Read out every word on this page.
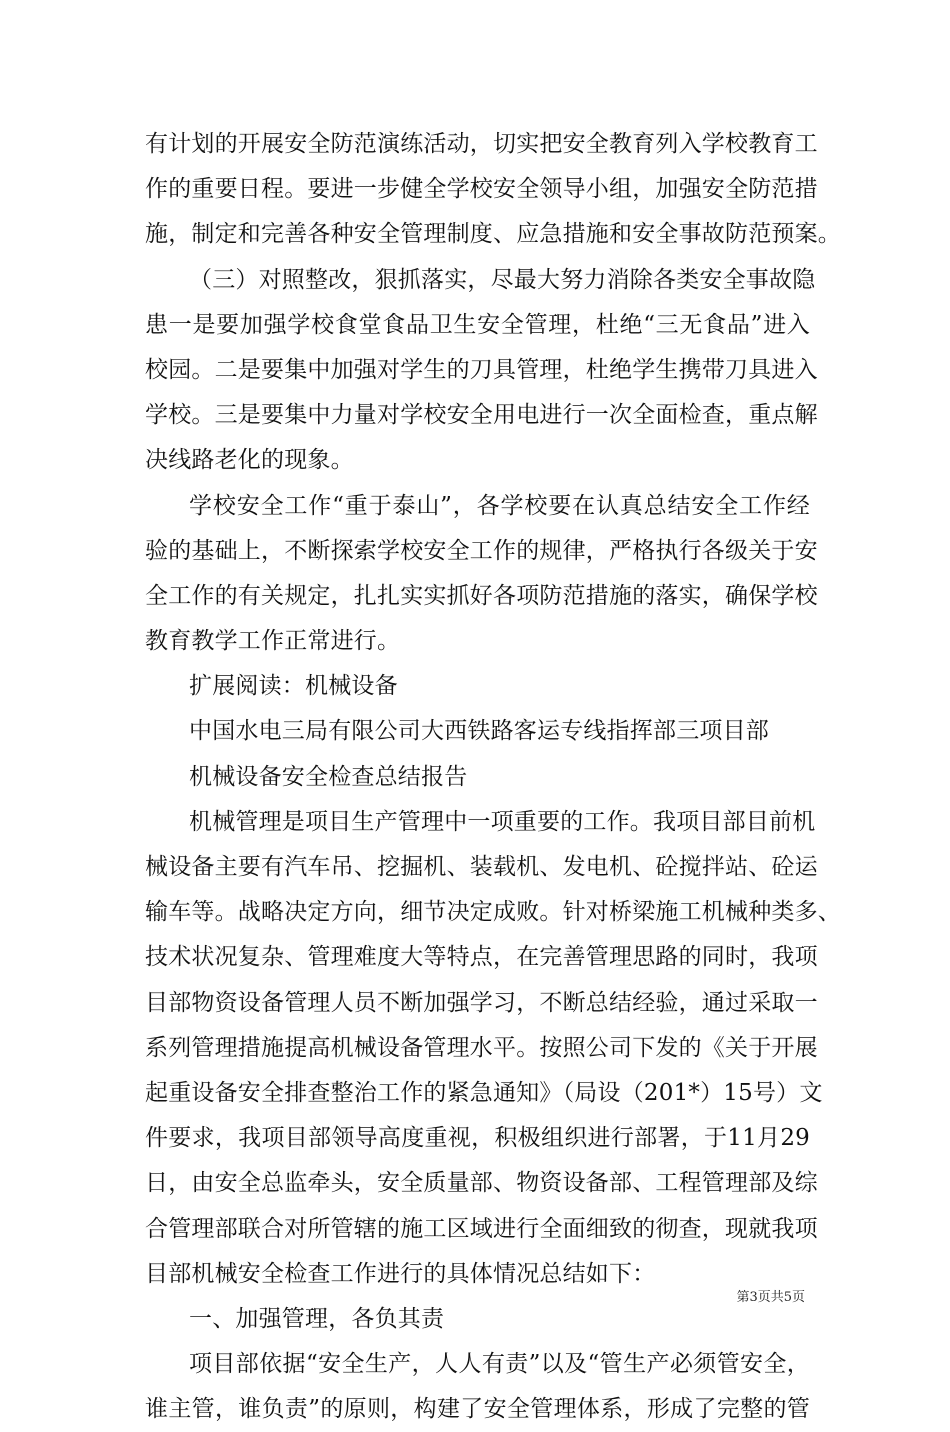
有计划的开展安全防范演练活动，切实把安全教育列入学校教育工
作的重要日程。要进一步健全学校安全领导小组，加强安全防范措
施，制定和完善各种安全管理制度、应急措施和安全事故防范预案。
（三）对照整改，狠抓落实，尽最大努力消除各类安全事故隐
患一是要加强学校食堂食品卫生安全管理，杜绝“三无食品”进入
校园。二是要集中加强对学生的刀具管理，杜绝学生携带刀具进入
学校。三是要集中力量对学校安全用电进行一次全面检查，重点解
决线路老化的现象。
学校安全工作“重于泰山”，各学校要在认真总结安全工作经
验的基础上，不断探索学校安全工作的规律，严格执行各级关于安
全工作的有关规定，扎扎实实抓好各项防范措施的落实，确保学校
教育教学工作正常进行。
扩展阅读：机械设备
中国水电三局有限公司大西铁路客运专线指挥部三项目部
机械设备安全检查总结报告
机械管理是项目生产管理中一项重要的工作。我项目部目前机
械设备主要有汽车吊、挖掘机、装载机、发电机、砼搅拌站、砼运
输车等。战略决定方向，细节决定成败。针对桥梁施工机械种类多、
技术状况复杂、管理难度大等特点，在完善管理思路的同时，我项
目部物资设备管理人员不断加强学习，不断总结经验，通过采取一
系列管理措施提高机械设备管理水平。按照公司下发的《关于开展
起重设备安全排查整治工作的紧急通知》（局设（201*）15号）文
件要求，我项目部领导高度重视，积极组织进行部署，于11月29
日，由安全总监牵头，安全质量部、物资设备部、工程管理部及综
合管理部联合对所管辖的施工区域进行全面细致的彻查，现就我项
目部机械安全检查工作进行的具体情况总结如下：
一、加强管理，各负其责
项目部依据“安全生产，人人有责”以及“管生产必须管安全，
谁主管，谁负责”的原则，构建了安全管理体系，形成了完整的管
第3页共5页
